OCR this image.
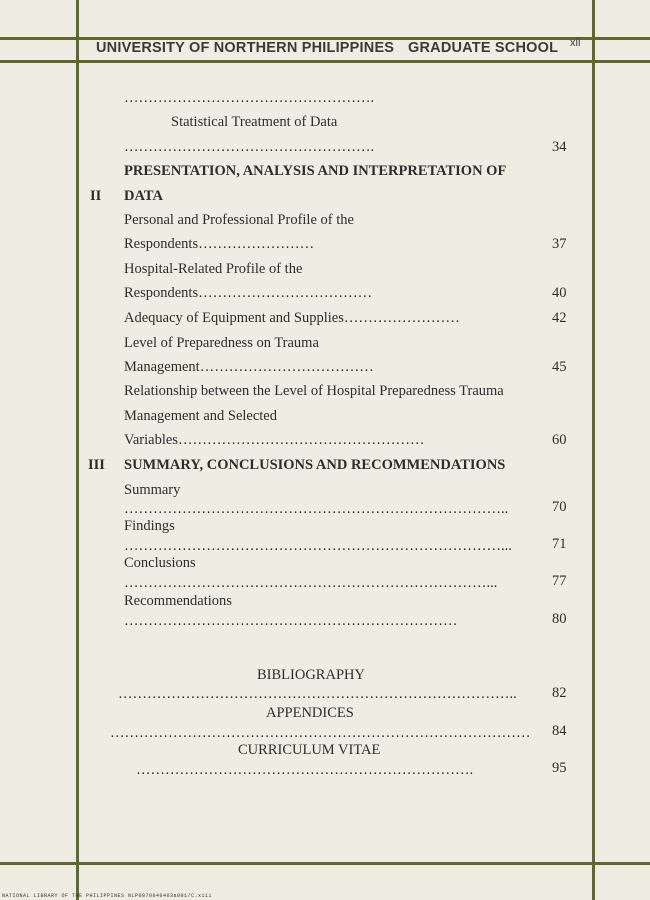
UNIVERSITY OF NORTHERN PHILIPPINES GRADUATE SCHOOL xii
…………………………………………….
Statistical Treatment of Data
…………………………………………….	34
PRESENTATION, ANALYSIS AND INTERPRETATION OF
II DATA
Personal and Professional Profile of the
Respondents……………………	37
Hospital-Related Profile of the
Respondents………………………………	40
Adequacy of Equipment and Supplies……………………	42
Level of Preparedness on Trauma
Management………………………………	45
Relationship between the Level of Hospital Preparedness Trauma
Management and Selected
Variables……………………………………………	60
III SUMMARY, CONCLUSIONS AND RECOMMENDATIONS
Summary
……………………………………………………………………..	70
Findings
……………………………………………………………………...	71
Conclusions
…………………………………………………………………...	77
Recommendations
……………………………………………………………	80
BIBLIOGRAPHY
……………………………………………………………………….. 82
APPENDICES
…………………………………………………………………………… 84
CURRICULUM VITAE
…………………………………………………………….	95
NATIONAL LIBRARY OF THE PHILIPPINES NLP0070040403a001/C.xiii
